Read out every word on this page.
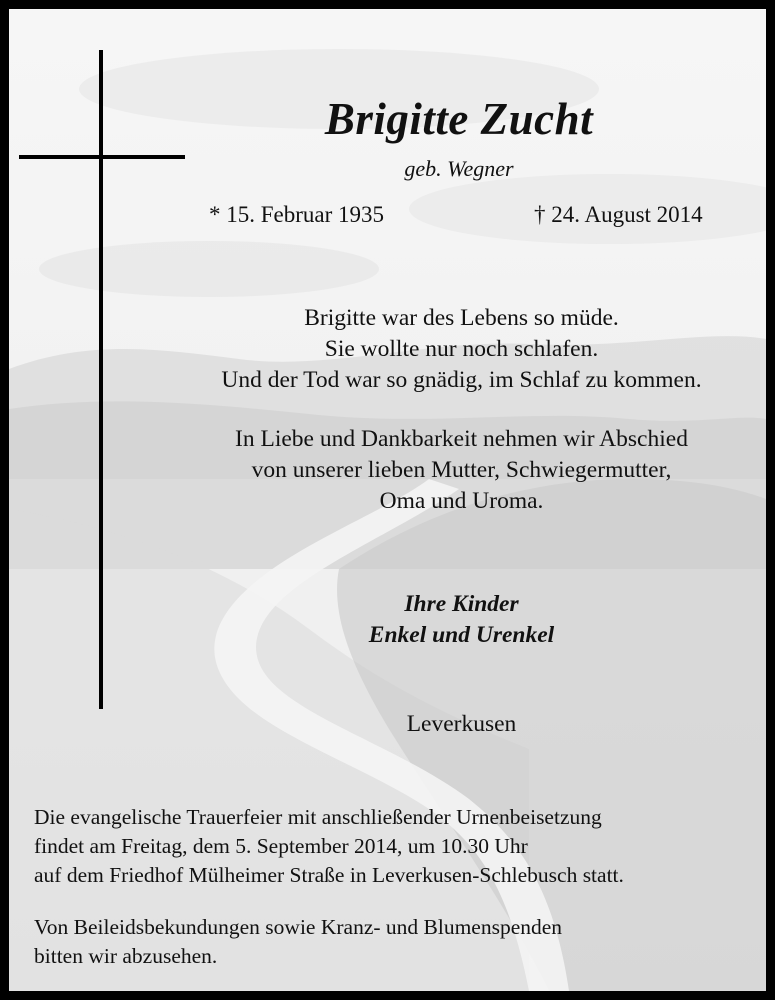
Brigitte Zucht
geb. Wegner
* 15. Februar 1935	† 24. August 2014
Brigitte war des Lebens so müde.
Sie wollte nur noch schlafen.
Und der Tod war so gnädig, im Schlaf zu kommen.
In Liebe und Dankbarkeit nehmen wir Abschied
von unserer lieben Mutter, Schwiegermutter,
Oma und Uroma.
Ihre Kinder
Enkel und Urenkel
Leverkusen
Die evangelische Trauerfeier mit anschließender Urnenbeisetzung
findet am Freitag, dem 5. September 2014, um 10.30 Uhr
auf dem Friedhof Mülheimer Straße in Leverkusen-Schlebusch statt.
Von Beileidsbekundungen sowie Kranz- und Blumenspenden
bitten wir abzusehen.
